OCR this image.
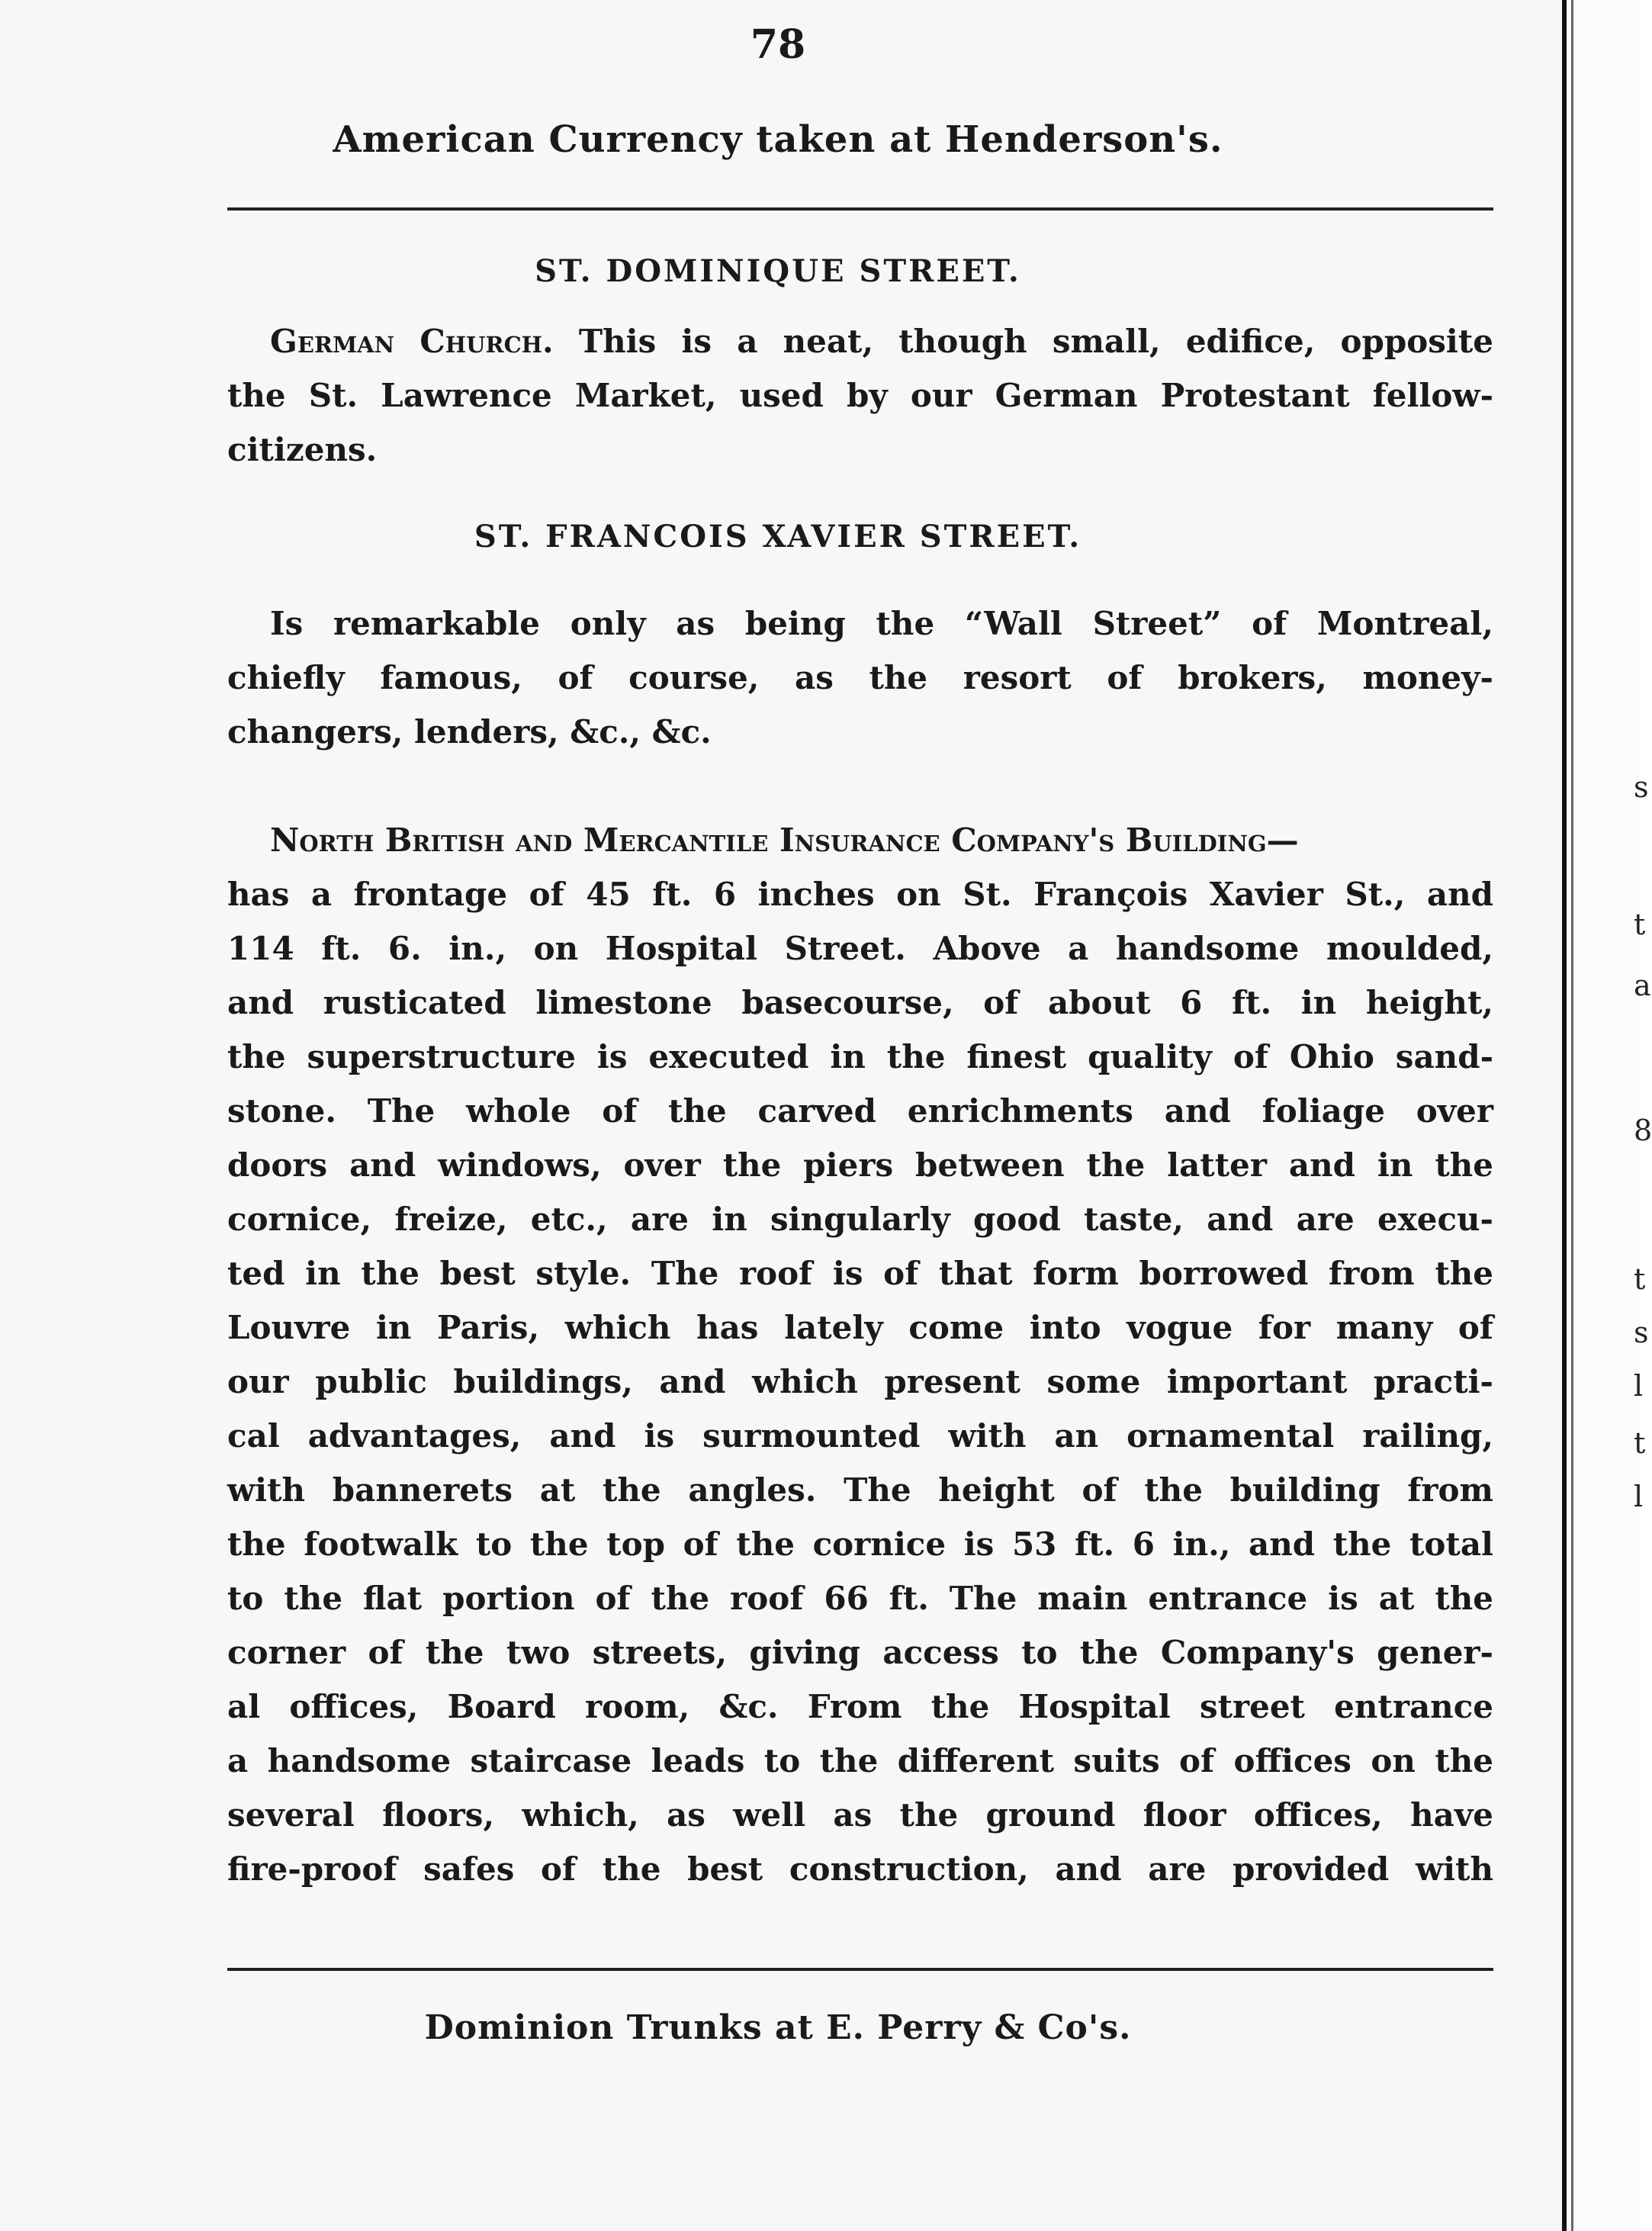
s
t
a
8
t
s
l
t
l
78
American Currency taken at Henderson's.
ST. DOMINIQUE STREET.
German Church. This is a neat, though small, edifice, opposite
the St. Lawrence Market, used by our German Protestant fellow-
citizens.
ST. FRANCOIS XAVIER STREET.
Is remarkable only as being the “Wall Street” of Montreal,
chiefly famous, of course, as the resort of brokers, money-
changers, lenders, &c., &c.
North British and Mercantile Insurance Company's Building—
has a frontage of 45 ft. 6 inches on St. François Xavier St., and
114 ft. 6. in., on Hospital Street. Above a handsome moulded,
and rusticated limestone basecourse, of about 6 ft. in height,
the superstructure is executed in the finest quality of Ohio sand-
stone. The whole of the carved enrichments and foliage over
doors and windows, over the piers between the latter and in the
cornice, freize, etc., are in singularly good taste, and are execu-
ted in the best style. The roof is of that form borrowed from the
Louvre in Paris, which has lately come into vogue for many of
our public buildings, and which present some important practi-
cal advantages, and is surmounted with an ornamental railing,
with bannerets at the angles. The height of the building from
the footwalk to the top of the cornice is 53 ft. 6 in., and the total
to the flat portion of the roof 66 ft. The main entrance is at the
corner of the two streets, giving access to the Company's gener-
al offices, Board room, &c. From the Hospital street entrance
a handsome staircase leads to the different suits of offices on the
several floors, which, as well as the ground floor offices, have
fire-proof safes of the best construction, and are provided with
Dominion Trunks at E. Perry & Co's.
